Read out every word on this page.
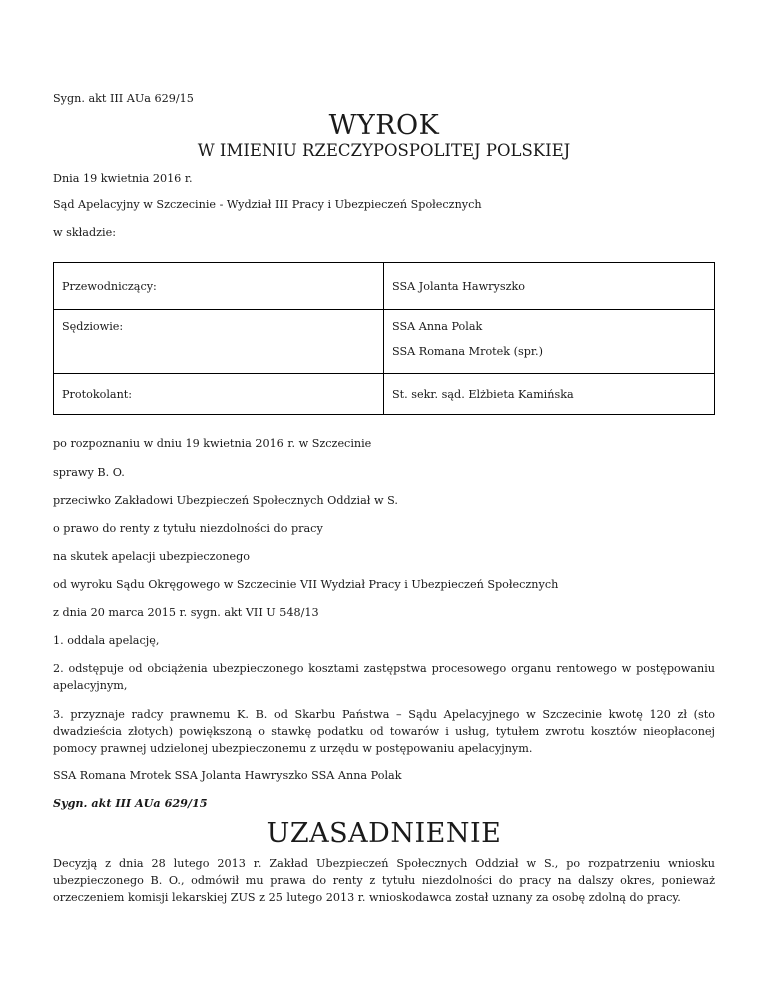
Sygn. akt III AUa 629/15

WYROK
W IMIENIU RZECZYPOSPOLITEJ POLSKIEJ

Dnia 19 kwietnia 2016 r.

Sąd Apelacyjny w Szczecinie - Wydział III Pracy i Ubezpieczeń Społecznych

w składzie:

Przewodniczący:	SSA Jolanta Hawryszko
Sędziowie:	SSA Anna Polak
SSA Romana Mrotek (spr.)

Protokolant:	St. sekr. sąd. Elżbieta Kamińska

po rozpoznaniu w dniu 19 kwietnia 2016 r. w Szczecinie

sprawy B. O.

przeciwko Zakładowi Ubezpieczeń Społecznych Oddział w S.

o prawo do renty z tytułu niezdolności do pracy

na skutek apelacji ubezpieczonego

od wyroku Sądu Okręgowego w Szczecinie VII Wydział Pracy i Ubezpieczeń Społecznych

z dnia 20 marca 2015 r. sygn. akt VII U 548/13

1. oddala apelację,

2. odstępuje od obciążenia ubezpieczonego kosztami zastępstwa procesowego organu rentowego w postępowaniu apelacyjnym,

3. przyznaje radcy prawnemu K. B. od Skarbu Państwa – Sądu Apelacyjnego w Szczecinie kwotę 120 zł (sto dwadzieścia złotych) powiększoną o stawkę podatku od towarów i usług, tytułem zwrotu kosztów nieopłaconej pomocy prawnej udzielonej ubezpieczonemu z urzędu w postępowaniu apelacyjnym.

SSA Romana Mrotek SSA Jolanta Hawryszko SSA Anna Polak

Sygn. akt III AUa 629/15

UZASADNIENIE

Decyzją z dnia 28 lutego 2013 r. Zakład Ubezpieczeń Społecznych Oddział w S., po rozpatrzeniu wniosku ubezpieczonego B. O., odmówił mu prawa do renty z tytułu niezdolności do pracy na dalszy okres, ponieważ orzeczeniem komisji lekarskiej ZUS z 25 lutego 2013 r. wnioskodawca został uznany za osobę zdolną do pracy.
